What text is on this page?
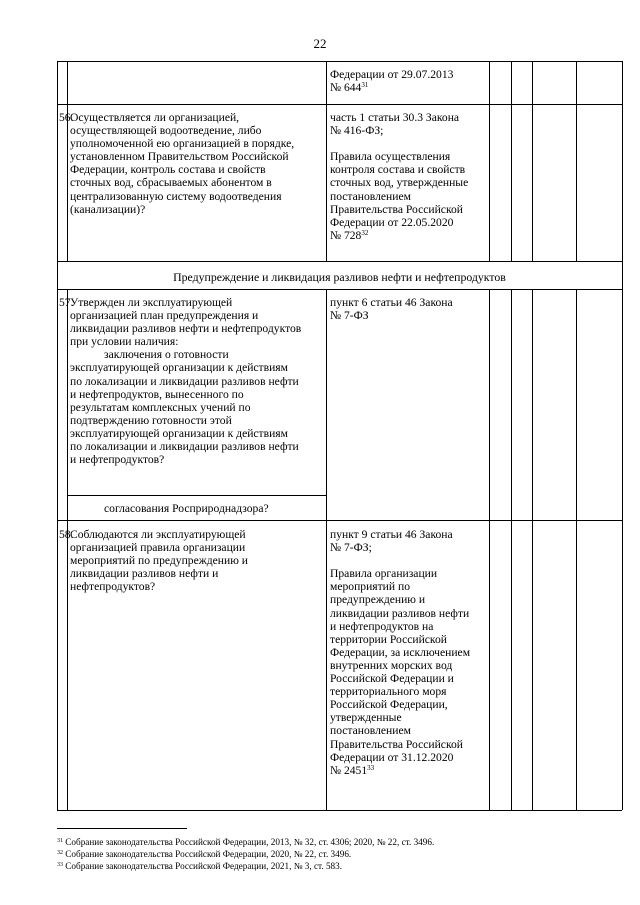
22

Федерации от 29.07.2013

№ $644^{31}$

56.

Осуществляется ли организацией,

осуществляющей водоотведение, либо

уполномоченной ею организацией в порядке,

установленном Правительством Российской

Федерации, контроль состава и свойств

сточных вод, сбрасываемых абонентом в

централизованную систему водоотведения

(канализации)?

часть 1 статьи 30.3 Закона

№ 416-ФЗ;

Правила осуществления

контроля состава и свойств

сточных вод, утвержденные

постановлением

Правительства Российской

Федерации от 22.05.2020

№ $728^{32}$

Предупреждение и ликвидация разливов нефти и нефтепродуктов
57.

Утвержден ли эксплуатирующей

организацией план предупреждения и

ликвидации разливов нефти и нефтепродуктов

при условии наличия:

заключения о готовности

эксплуатирующей организации к действиям

по локализации и ликвидации разливов нефти

и нефтепродуктов, вынесенного по

результатам комплексных учений по

подтверждению готовности этой

эксплуатирующей организации к действиям

по локализации и ликвидации разливов нефти

и нефтепродуктов?

согласования Росприроднадзора?

пункт 6 статьи 46 Закона

№ 7-ФЗ

58.

Соблюдаются ли эксплуатирующей

организацией правила организации

мероприятий по предупреждению и

ликвидации разливов нефти и

нефтепродуктов?

пункт 9 статьи 46 Закона

№ 7-ФЗ;

Правила организации

мероприятий по

предупреждению и

ликвидации разливов нефти

и нефтепродуктов на

территории Российской

Федерации, за исключением

внутренних морских вод

Российской Федерации и

территориального моря

Российской Федерации,

утвержденные

постановлением

Правительства Российской

Федерации от 31.12.2020

№ 2451$^{33}$

$^{31}$ Собрание законодательства Российской Федерации, 2013, № 32, ст. 4306; 2020, № 22, ст. 3496.
$^{32}$ Собрание законодательства Российской Федерации, 2020, № 22, ст. 3496.
$^{33}$ Собрание законодательства Российской Федерации, 2021, № 3, ст. 583.
